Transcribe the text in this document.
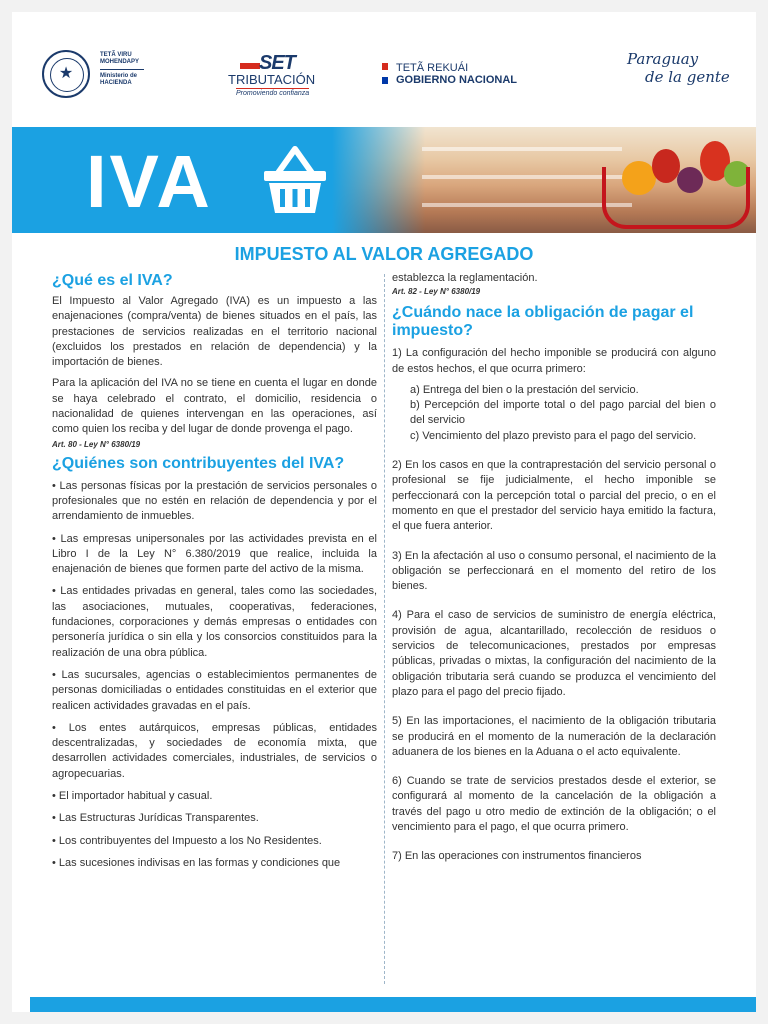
★
TETÃ VIRU MOHENDAPY
Ministerio de HACIENDA
▬SET
TRIBUTACIÓN
Promoviendo confianza
TETÃ REKUÁI
GOBIERNO NACIONAL
Paraguay
de la gente
IVA
IMPUESTO AL VALOR AGREGADO
¿Qué es el IVA?

El Impuesto al Valor Agregado (IVA) es un impuesto a las enajenaciones (compra/venta) de bienes situados en el país, las prestaciones de servicios realizadas en el territorio nacional (excluidos los prestados en relación de dependencia) y la importación de bienes.

Para la aplicación del IVA no se tiene en cuenta el lugar en donde se haya celebrado el contrato, el domicilio, residencia o nacionalidad de quienes intervengan en las operaciones, así como quien los reciba y del lugar de donde provenga el pago.

Art. 80 - Ley N° 6380/19
¿Quiénes son contribuyentes del IVA?

• Las personas físicas por la prestación de servicios personales o profesionales que no estén en relación de dependencia y por el arrendamiento de inmuebles.

• Las empresas unipersonales por las actividades prevista en el Libro I de la Ley N° 6.380/2019 que realice, incluida la enajenación de bienes que formen parte del activo de la misma.

• Las entidades privadas en general, tales como las sociedades, las asociaciones, mutuales, cooperativas, federaciones, fundaciones, corporaciones y demás empresas o entidades con personería jurídica o sin ella y los consorcios constituidos para la realización de una obra pública.

• Las sucursales, agencias o establecimientos permanentes de personas domiciliadas o entidades constituidas en el exterior que realicen actividades gravadas en el país.

• Los entes autárquicos, empresas públicas, entidades descentralizadas, y sociedades de economía mixta, que desarrollen actividades comerciales, industriales, de servicios o agropecuarias.

• El importador habitual y casual.

• Las Estructuras Jurídicas Transparentes.

• Los contribuyentes del Impuesto a los No Residentes.

• Las sucesiones indivisas en las formas y condiciones que

establezca la reglamentación.

Art. 82 - Ley N° 6380/19
¿Cuándo nace la obligación de pagar el impuesto?

1) La configuración del hecho imponible se producirá con alguno de estos hechos, el que ocurra primero:

a) Entrega del bien o la prestación del servicio.

b) Percepción del importe total o del pago parcial del bien o del servicio

c) Vencimiento del plazo previsto para el pago del servicio.

2) En los casos en que la contraprestación del servicio personal o profesional se fije judicialmente, el hecho imponible se perfeccionará con la percepción total o parcial del precio, o en el momento en que el prestador del servicio haya emitido la factura, el que fuera anterior.

3) En la afectación al uso o consumo personal, el nacimiento de la obligación se perfeccionará en el momento del retiro de los bienes.

4) Para el caso de servicios de suministro de energía eléctrica, provisión de agua, alcantarillado, recolección de residuos o servicios de telecomunicaciones, prestados por empresas públicas, privadas o mixtas, la configuración del nacimiento de la obligación tributaria será cuando se produzca el vencimiento del plazo para el pago del precio fijado.

5) En las importaciones, el nacimiento de la obligación tributaria se producirá en el momento de la numeración de la declaración aduanera de los bienes en la Aduana o el acto equivalente.

6) Cuando se trate de servicios prestados desde el exterior, se configurará al momento de la cancelación de la obligación a través del pago u otro medio de extinción de la obligación; o el vencimiento para el pago, el que ocurra primero.

7) En las operaciones con instrumentos financieros
